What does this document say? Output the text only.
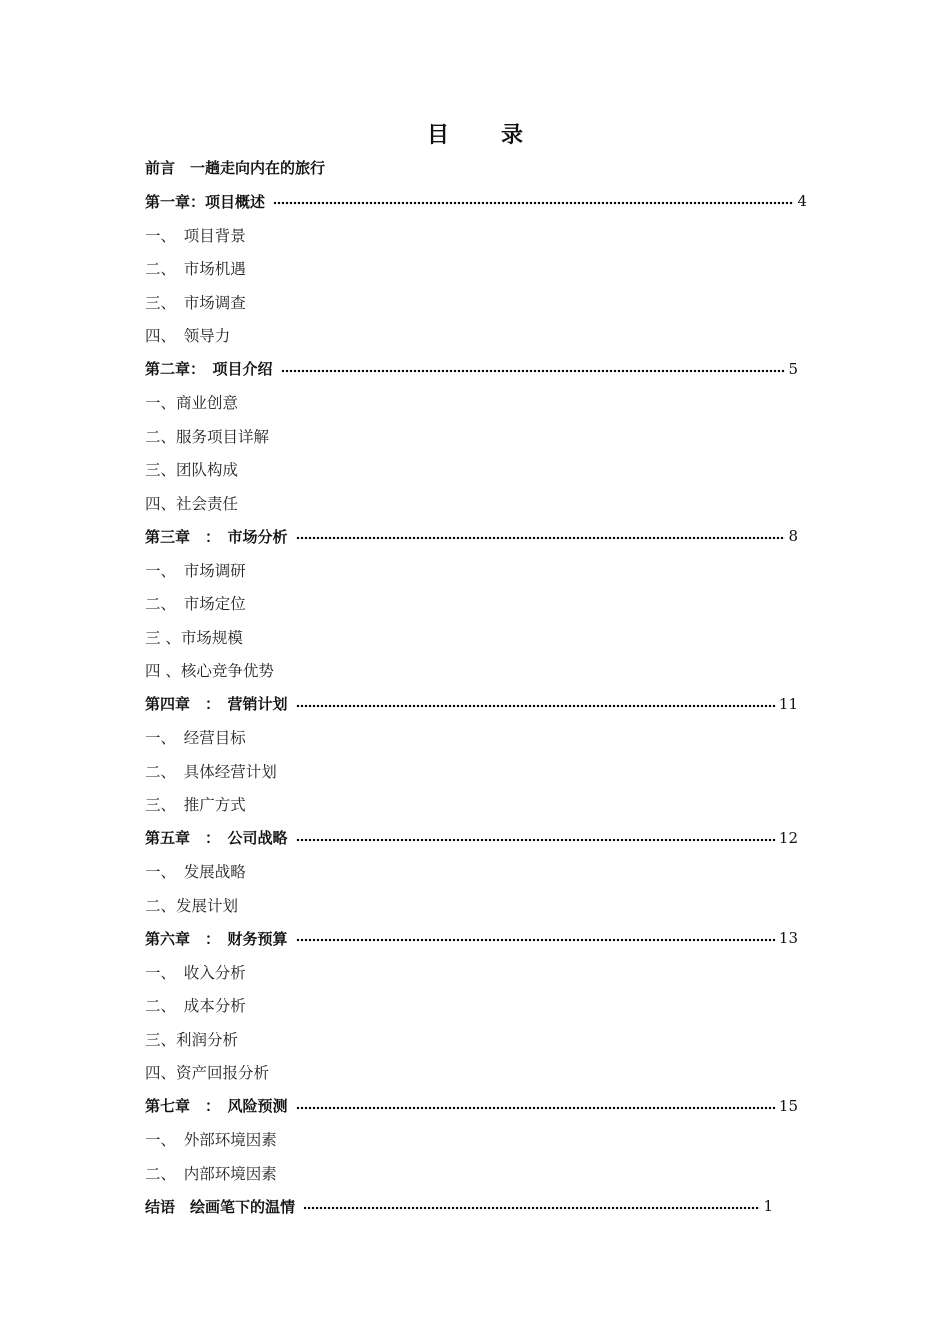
目 录
前言　一趟走向内在的旅行
第一章：项目概述	4
一、　项目背景
二、　市场机遇
三、　市场调查
四、　领导力
第二章：　项目介绍	5
一、商业创意
二、服务项目详解
三、团队构成
四、社会责任
第三章　：　市场分析	8
一、　市场调研
二、　市场定位
三 、市场规模
四 、核心竞争优势
第四章　：　营销计划	11
一、　经营目标
二、　具体经营计划
三、　推广方式
第五章　：　公司战略	12
一、　发展战略
二、发展计划
第六章　：　财务预算	13
一、　收入分析
二、　成本分析
三、利润分析
四、资产回报分析
第七章　：　风险预测	15
一、　外部环境因素
二、　内部环境因素
结语　绘画笔下的温情	1
